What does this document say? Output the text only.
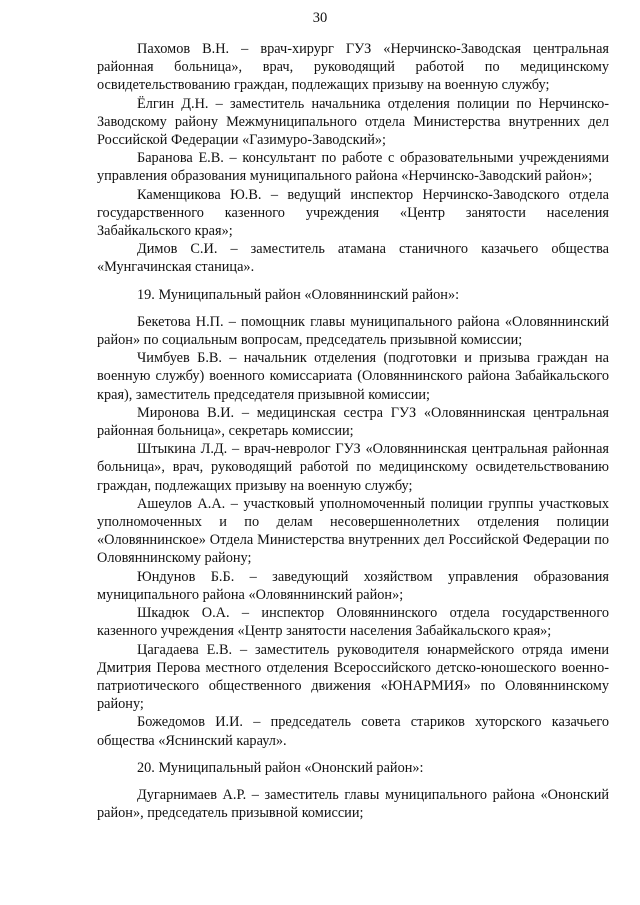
30

Пахомов В.Н. – врач-хирург ГУЗ «Нерчинско-Заводская центральная районная больница», врач, руководящий работой по медицинскому освидетельствованию граждан, подлежащих призыву на военную службу;

Ёлгин Д.Н. – заместитель начальника отделения полиции по Нерчинско-Заводскому району Межмуниципального отдела Министерства внутренних дел Российской Федерации «Газимуро-Заводский»;

Баранова Е.В. – консультант по работе с образовательными учреждениями управления образования муниципального района «Нерчинско-Заводский район»;

Каменщикова Ю.В. – ведущий инспектор Нерчинско-Заводского отдела государственного казенного учреждения «Центр занятости населения Забайкальского края»;

Димов С.И. – заместитель атамана станичного казачьего общества «Мунгачинская станица».

19. Муниципальный район «Оловяннинский район»:

Бекетова Н.П. – помощник главы муниципального района «Оловяннинский район» по социальным вопросам, председатель призывной комиссии;

Чимбуев Б.В. – начальник отделения (подготовки и призыва граждан на военную службу) военного комиссариата (Оловяннинского района Забайкальского края), заместитель председателя призывной комиссии;

Миронова В.И. – медицинская сестра ГУЗ «Оловяннинская центральная районная больница», секретарь комиссии;

Штыкина Л.Д. – врач-невролог ГУЗ «Оловяннинская центральная районная больница», врач, руководящий работой по медицинскому освидетельствованию граждан, подлежащих призыву на военную службу;

Ашеулов А.А. – участковый уполномоченный полиции группы участковых уполномоченных и по делам несовершеннолетних отделения полиции «Оловяннинское» Отдела Министерства внутренних дел Российской Федерации по Оловяннинскому району;

Юндунов Б.Б. – заведующий хозяйством управления образования муниципального района «Оловяннинский район»;

Шкадюк О.А. – инспектор Оловяннинского отдела государственного казенного учреждения «Центр занятости населения Забайкальского края»;

Цагадаева Е.В. – заместитель руководителя юнармейского отряда имени Дмитрия Перова местного отделения Всероссийского детско-юношеского военно-патриотического общественного движения «ЮНАРМИЯ» по Оловяннинскому району;

Божедомов И.И. – председатель совета стариков хуторского казачьего общества «Яснинский караул».

20. Муниципальный район «Ононский район»:

Дугарнимаев А.Р. – заместитель главы муниципального района «Ононский район», председатель призывной комиссии;
